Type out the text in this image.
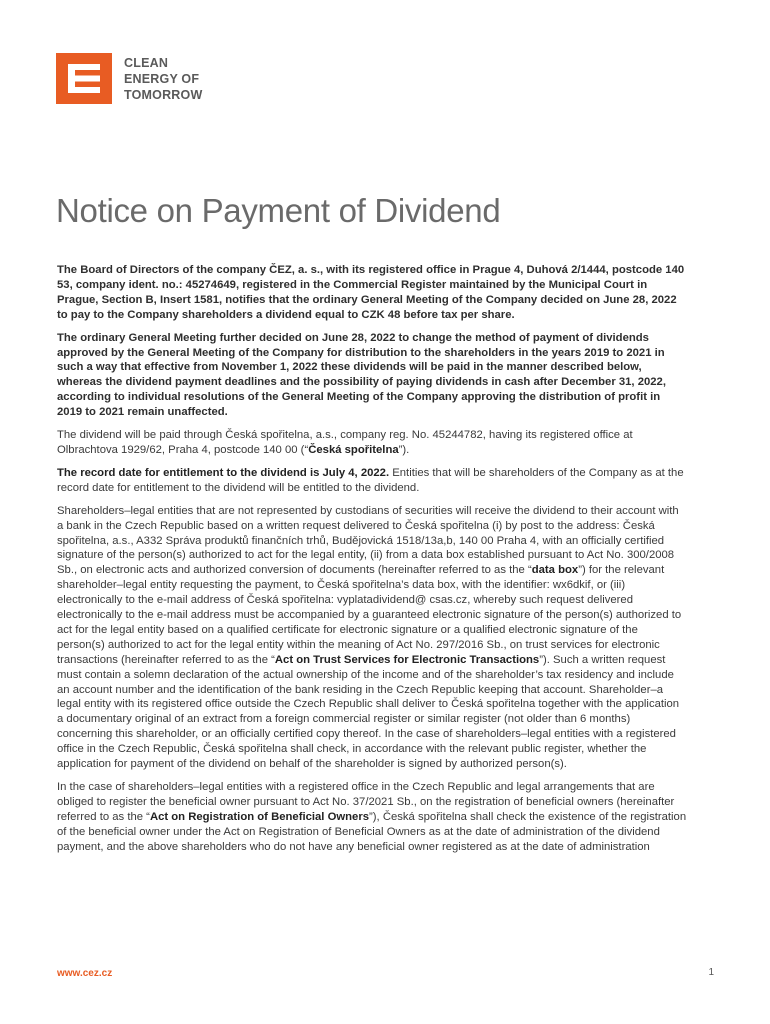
CLEAN
ENERGY OF
TOMORROW
Notice on Payment of Dividend

The Board of Directors of the company ČEZ, a. s., with its registered office in Prague 4, Duhová 2/1444, postcode 140 53, company ident. no.: 45274649, registered in the Commercial Register maintained by the Municipal Court in Prague, Section B, Insert 1581, notifies that the ordinary General Meeting of the Company decided on June 28, 2022 to pay to the Company shareholders a dividend equal to CZK 48 before tax per share.

The ordinary General Meeting further decided on June 28, 2022 to change the method of payment of dividends approved by the General Meeting of the Company for distribution to the shareholders in the years 2019 to 2021 in such a way that effective from November 1, 2022 these dividends will be paid in the manner described below, whereas the dividend payment deadlines and the possibility of paying dividends in cash after December 31, 2022, according to individual resolutions of the General Meeting of the Company approving the distribution of profit in 2019 to 2021 remain unaffected.

The dividend will be paid through Česká spořitelna, a.s., company reg. No. 45244782, having its registered office at Olbrachtova 1929/62, Praha 4, postcode 140 00 (“Česká spořitelna”).

The record date for entitlement to the dividend is July 4, 2022. Entities that will be shareholders of the Company as at the record date for entitlement to the dividend will be entitled to the dividend.

Shareholders–legal entities that are not represented by custodians of securities will receive the dividend to their account with a bank in the Czech Republic based on a written request delivered to Česká spořitelna (i) by post to the address: Česká spořitelna, a.s., A332 Správa produktů finančních trhů, Budějovická 1518/13a,b, 140 00 Praha 4, with an officially certified signature of the person(s) authorized to act for the legal entity, (ii) from a data box established pursuant to Act No. 300/2008 Sb., on electronic acts and authorized conversion of documents (hereinafter referred to as the “data box”) for the relevant shareholder–legal entity requesting the payment, to Česká spořitelna’s data box, with the identifier: wx6dkif, or (iii) electronically to the e-mail address of Česká spořitelna: vyplatadividend@ csas.cz, whereby such request delivered electronically to the e-mail address must be accompanied by a guaranteed electronic signature of the person(s) authorized to act for the legal entity based on a qualified certificate for electronic signature or a qualified electronic signature of the person(s) authorized to act for the legal entity within the meaning of Act No. 297/2016 Sb., on trust services for electronic transactions (hereinafter referred to as the “Act on Trust Services for Electronic Transactions”). Such a written request must contain a solemn declaration of the actual ownership of the income and of the shareholder’s tax residency and include an account number and the identification of the bank residing in the Czech Republic keeping that account. Shareholder–a legal entity with its registered office outside the Czech Republic shall deliver to Česká spořitelna together with the application a documentary original of an extract from a foreign commercial register or similar register (not older than 6 months) concerning this shareholder, or an officially certified copy thereof. In the case of shareholders–legal entities with a registered office in the Czech Republic, Česká spořitelna shall check, in accordance with the relevant public register, whether the application for payment of the dividend on behalf of the shareholder is signed by authorized person(s).

In the case of shareholders–legal entities with a registered office in the Czech Republic and legal arrangements that are obliged to register the beneficial owner pursuant to Act No. 37/2021 Sb., on the registration of beneficial owners (hereinafter referred to as the “Act on Registration of Beneficial Owners”), Česká spořitelna shall check the existence of the registration of the beneficial owner under the Act on Registration of Beneficial Owners as at the date of administration of the dividend payment, and the above shareholders who do not have any beneficial owner registered as at the date of administration

www.cez.cz	1
